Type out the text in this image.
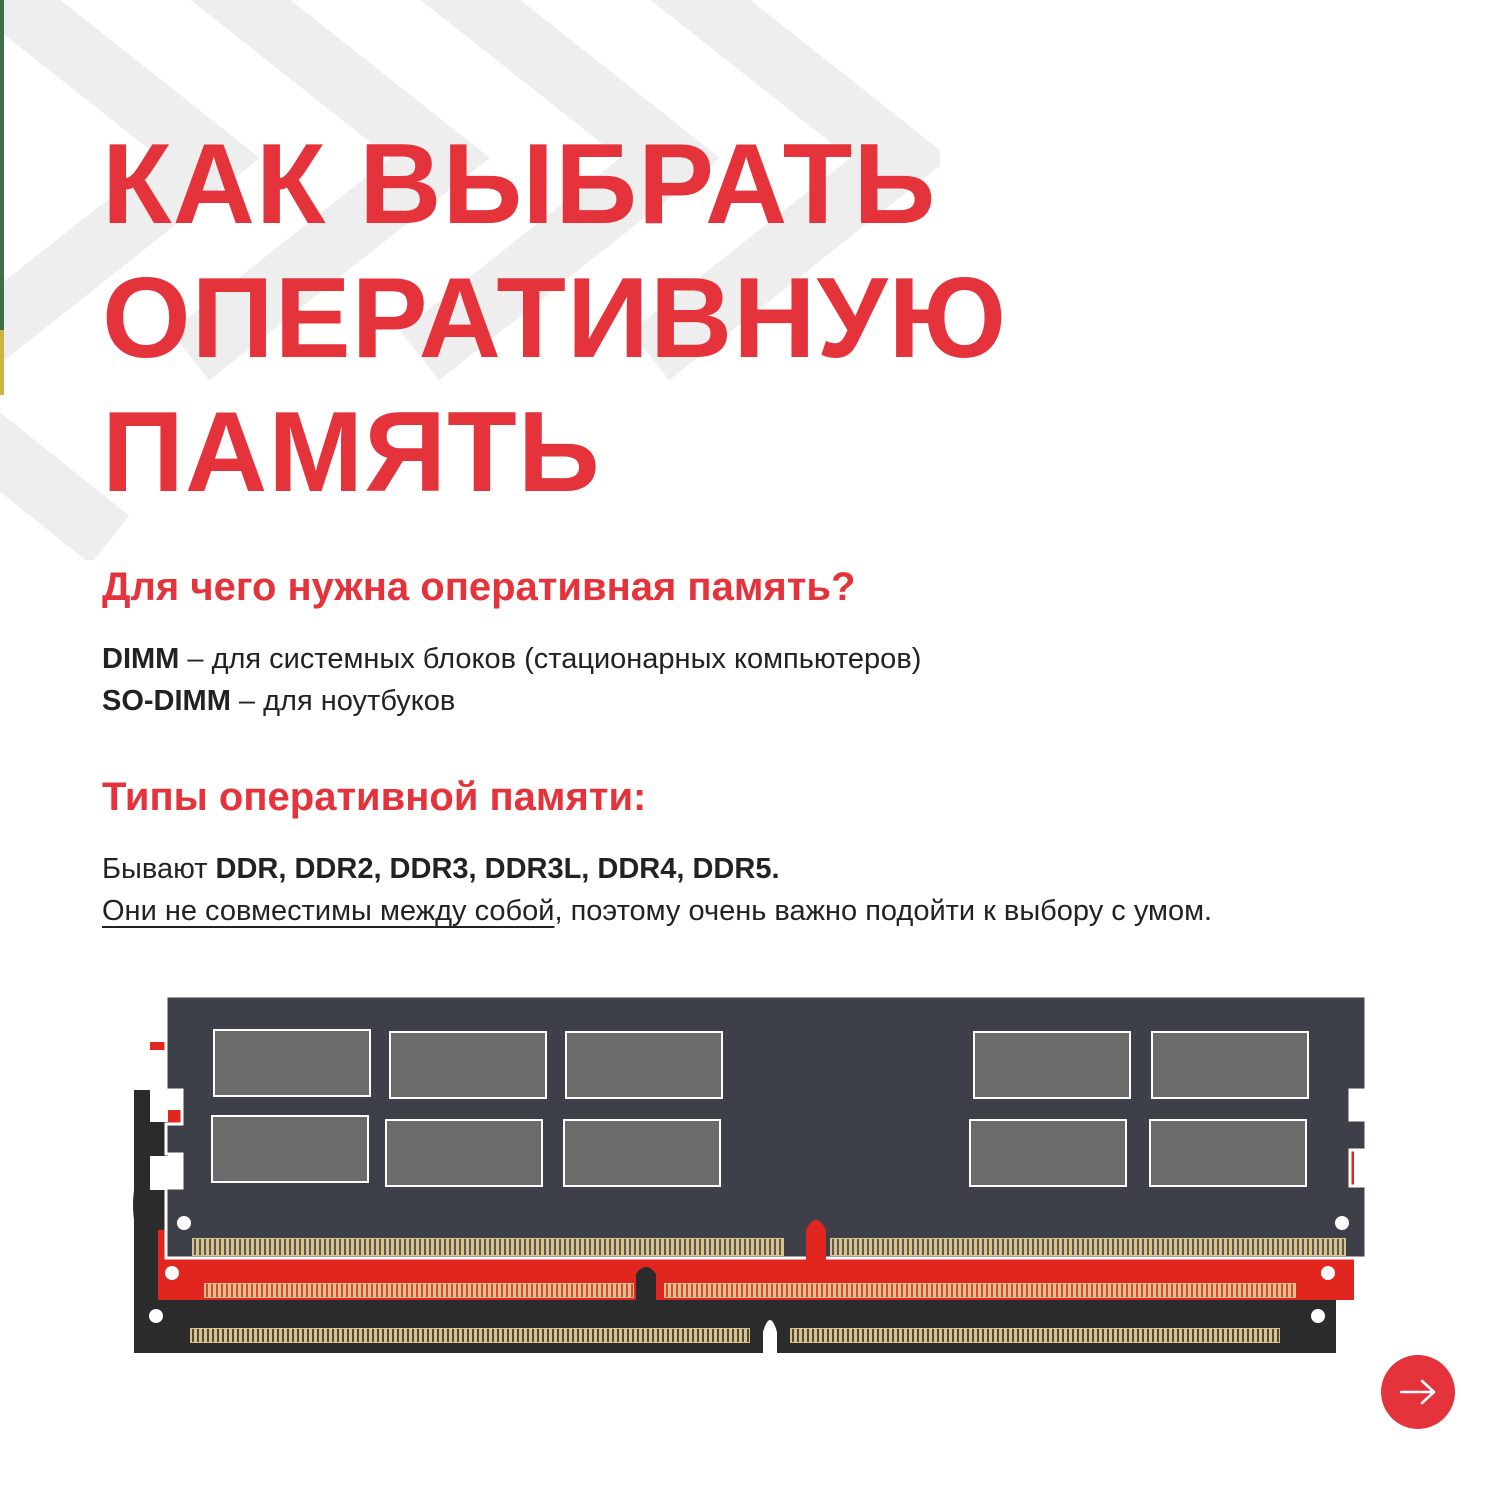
КАК ВЫБРАТЬ
ОПЕРАТИВНУЮ
ПАМЯТЬ
Для чего нужна оперативная память?

DIMM – для системных блоков (стационарных компьютеров)
SO-DIMM – для ноутбуков

Типы оперативной памяти:

Бывают DDR, DDR2, DDR3, DDR3L, DDR4, DDR5.
Они не совместимы между собой, поэтому очень важно подойти к выбору с умом.
